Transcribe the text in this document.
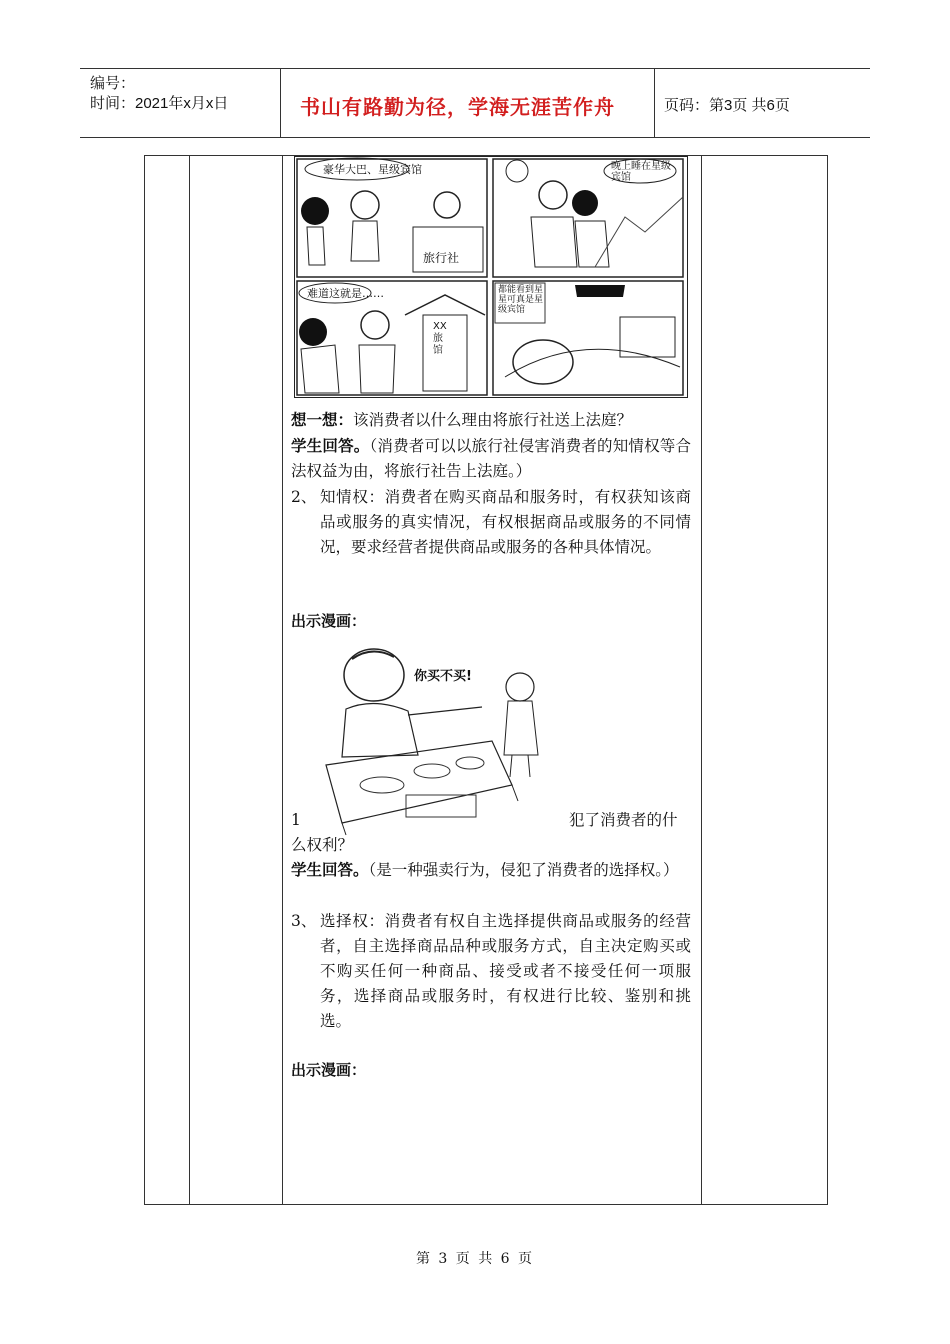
编号：
时间：2021年x月x日	书山有路勤为径，学海无涯苦作舟	页码：第3页 共6页
豪华大巴、星级宾馆
旅行社
晚上睡在星级宾馆
难道这就是……
XX旅馆
都能看到星星可真是星级宾馆
想一想：该消费者以什么理由将旅行社送上法庭？
学生回答。（消费者可以以旅行社侵害消费者的知情权等合法权益为由，将旅行社告上法庭。）
2、 知情权：消费者在购买商品和服务时，有权获知该商品或服务的真实情况，有权根据商品或服务的不同情况，要求经营者提供商品或服务的各种具体情况。
出示漫画：
你买不买!
1	犯了消费者的什
么权利？
学生回答。（是一种强卖行为，侵犯了消费者的选择权。）
3、 选择权：消费者有权自主选择提供商品或服务的经营者，自主选择商品品种或服务方式，自主决定购买或不购买任何一种商品、接受或者不接受任何一项服务，选择商品或服务时，有权进行比较、鉴别和挑选。
出示漫画：
第 3 页 共 6 页
